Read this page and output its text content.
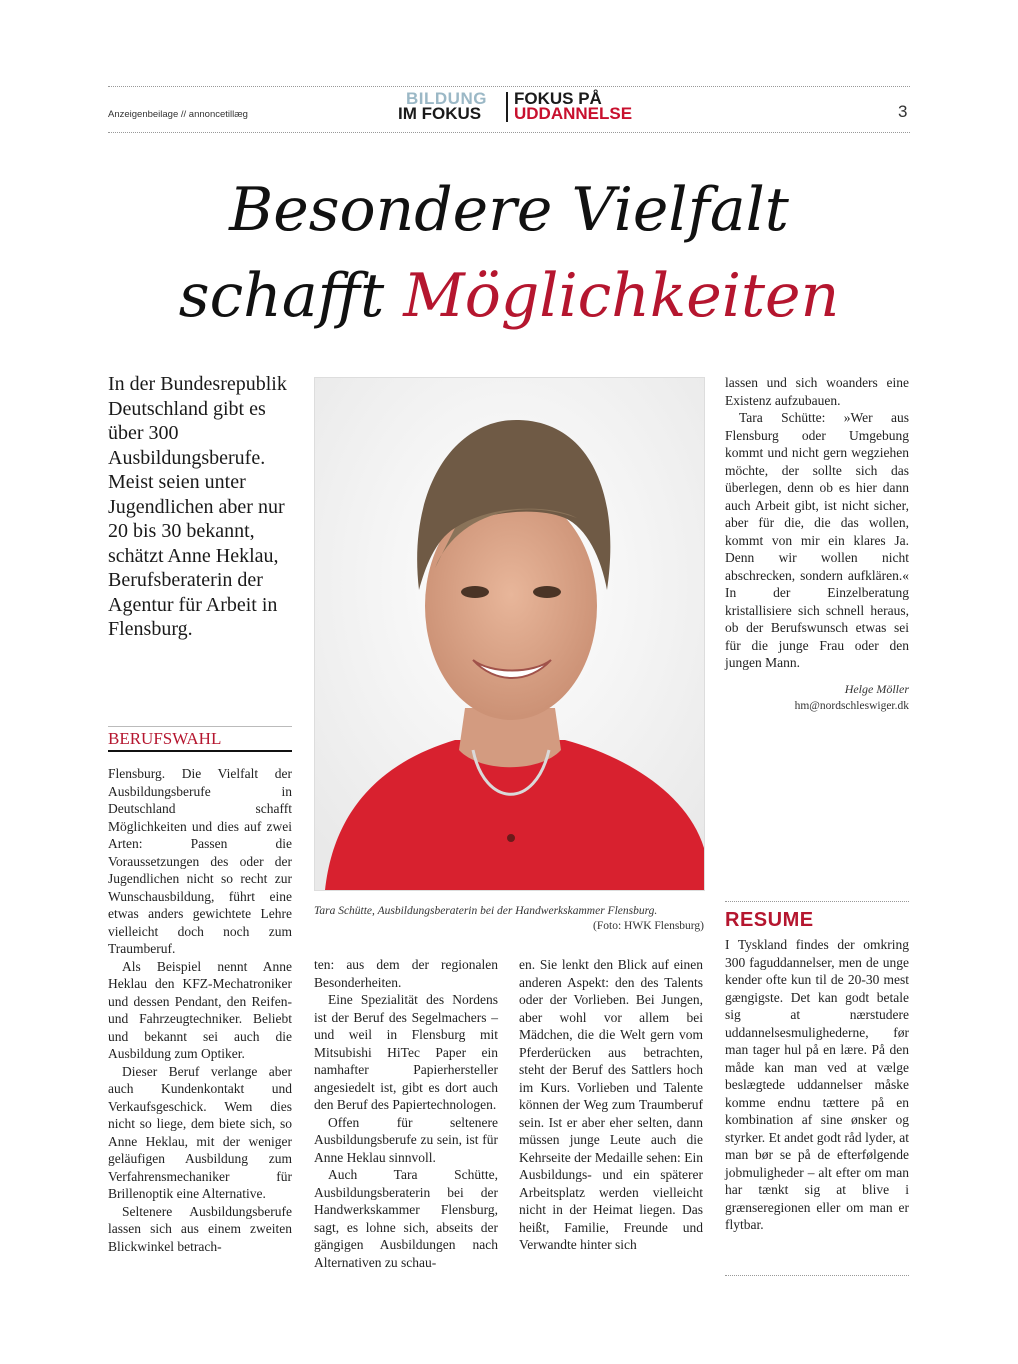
Anzeigenbeilage // annoncetillæg
BILDUNG
IM FOKUS
FOKUS PÅ
UDDANNELSE	3
Besondere Vielfalt
schafft Möglichkeiten
In der Bundesrepublik Deutschland gibt es über 300 Ausbildungsberufe. Meist seien unter Jugendlichen aber nur 20 bis 30 bekannt, schätzt Anne Heklau, Berufsberaterin der Agentur für Arbeit in Flensburg.
BERUFSWAHL

Flensburg. Die Vielfalt der Ausbildungsberufe in Deutschland schafft Möglichkeiten und dies auf zwei Arten: Passen die Voraussetzungen des oder der Jugendlichen nicht so recht zur Wunschausbildung, führt eine etwas anders gewichtete Lehre vielleicht doch noch zum Traumberuf.

Als Beispiel nennt Anne Heklau den KFZ-Mechatroniker und dessen Pendant, den Reifen- und Fahrzeugtechniker. Beliebt und bekannt sei auch die Ausbildung zum Optiker.

Dieser Beruf verlange aber auch Kundenkontakt und Verkaufsgeschick. Wem dies nicht so liege, dem biete sich, so Anne Heklau, mit der weniger geläufigen Ausbildung zum Verfahrensmechaniker für Brillenoptik eine Alternative.

Seltenere Ausbildungsberufe lassen sich aus einem zweiten Blickwinkel betrach-

Tara Schütte, Ausbildungsberaterin bei der Handwerkskammer Flensburg.
(Foto: HWK Flensburg)

ten: aus dem der regionalen Besonderheiten.

Eine Spezialität des Nordens ist der Beruf des Segelmachers – und weil in Flensburg mit Mitsubishi HiTec Paper ein namhafter Papierhersteller angesiedelt ist, gibt es dort auch den Beruf des Papiertechnologen.

Offen für seltenere Ausbildungsberufe zu sein, ist für Anne Heklau sinnvoll.

Auch Tara Schütte, Ausbildungsberaterin bei der Handwerkskammer Flensburg, sagt, es lohne sich, abseits der gängigen Ausbildungen nach Alternativen zu schau-

en. Sie lenkt den Blick auf einen anderen Aspekt: den des Talents oder der Vorlieben. Bei Jungen, aber wohl vor allem bei Mädchen, die die Welt gern vom Pferderücken aus betrachten, steht der Beruf des Sattlers hoch im Kurs. Vorlieben und Talente können der Weg zum Traumberuf sein. Ist er aber eher selten, dann müssen junge Leute auch die Kehrseite der Medaille sehen: Ein Ausbildungs- und ein späterer Arbeitsplatz werden vielleicht nicht in der Heimat liegen. Das heißt, Familie, Freunde und Verwandte hinter sich

lassen und sich woanders eine Existenz aufzubauen.

Tara Schütte: »Wer aus Flensburg oder Umgebung kommt und nicht gern wegziehen möchte, der sollte sich das überlegen, denn ob es hier dann auch Arbeit gibt, ist nicht sicher, aber für die, die das wollen, kommt von mir ein klares Ja. Denn wir wollen nicht abschrecken, sondern aufklären.« In der Einzelberatung kristallisiere sich schnell heraus, ob der Berufswunsch etwas sei für die junge Frau oder den jungen Mann.

Helge Möller
hm@nordschleswiger.dk
RESUME
I Tyskland findes der omkring 300 faguddannelser, men de unge kender ofte kun til de 20-30 mest gængigste. Det kan godt betale sig at nærstudere uddannelsesmulighederne, før man tager hul på en lære. På den måde kan man ved at vælge beslægtede uddannelser måske komme endnu tættere på en kombination af sine ønsker og styrker. Et andet godt råd lyder, at man bør se på de efterfølgende jobmuligheder – alt efter om man har tænkt sig at blive i grænseregionen eller om man er flytbar.
